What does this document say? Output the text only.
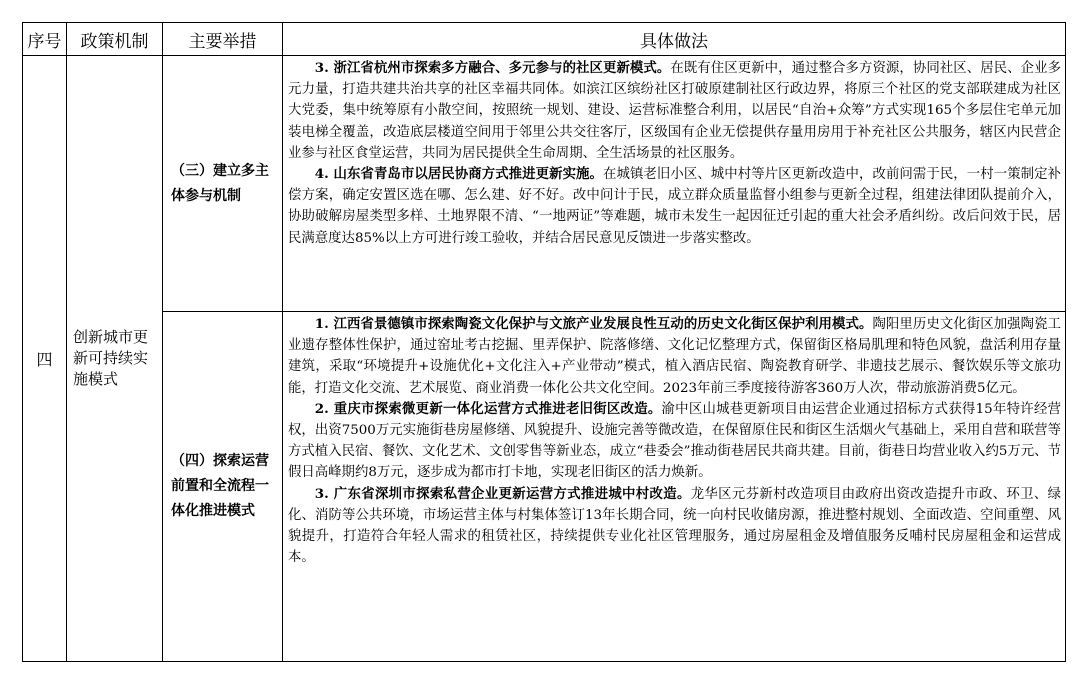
序号	政策机制	主要举措	具体做法
四	创新城市更新可持续实施模式	（三）建立多主体参与机制	3. 浙江省杭州市探索多方融合、多元参与的社区更新模式。在既有住区更新中，通过整合多方资源，协同社区、居民、企业多元力量，打造共建共治共享的社区幸福共同体。如滨江区缤纷社区打破原建制社区行政边界，将原三个社区的党支部联建成为社区大党委，集中统筹原有小散空间，按照统一规划、建设、运营标准整合利用，以居民“自治+众筹”方式实现165个多层住宅单元加装电梯全覆盖，改造底层楼道空间用于邻里公共交往客厅，区级国有企业无偿提供存量用房用于补充社区公共服务，辖区内民营企业参与社区食堂运营，共同为居民提供全生命周期、全生活场景的社区服务。

4. 山东省青岛市以居民协商方式推进更新实施。在城镇老旧小区、城中村等片区更新改造中，改前问需于民，一村一策制定补偿方案，确定安置区选在哪、怎么建、好不好。改中问计于民，成立群众质量监督小组参与更新全过程，组建法律团队提前介入，协助破解房屋类型多样、土地界限不清、“一地两证”等难题，城市未发生一起因征迁引起的重大社会矛盾纠纷。改后问效于民，居民满意度达85%以上方可进行竣工验收，并结合居民意见反馈进一步落实整改。

		（四）探索运营前置和全流程一体化推进模式	1. 江西省景德镇市探索陶瓷文化保护与文旅产业发展良性互动的历史文化街区保护利用模式。陶阳里历史文化街区加强陶瓷工业遗存整体性保护，通过窑址考古挖掘、里弄保护、院落修缮、文化记忆整理方式，保留街区格局肌理和特色风貌，盘活利用存量建筑，采取“环境提升+设施优化+文化注入+产业带动”模式，植入酒店民宿、陶瓷教育研学、非遗技艺展示、餐饮娱乐等文旅功能，打造文化交流、艺术展览、商业消费一体化公共文化空间。2023年前三季度接待游客360万人次，带动旅游消费5亿元。

2. 重庆市探索微更新一体化运营方式推进老旧街区改造。渝中区山城巷更新项目由运营企业通过招标方式获得15年特许经营权，出资7500万元实施街巷房屋修缮、风貌提升、设施完善等微改造，在保留原住民和街区生活烟火气基础上，采用自营和联营等方式植入民宿、餐饮、文化艺术、文创零售等新业态，成立“巷委会”推动街巷居民共商共建。目前，街巷日均营业收入约5万元、节假日高峰期约8万元，逐步成为都市打卡地，实现老旧街区的活力焕新。

3. 广东省深圳市探索私营企业更新运营方式推进城中村改造。龙华区元芬新村改造项目由政府出资改造提升市政、环卫、绿化、消防等公共环境，市场运营主体与村集体签订13年长期合同，统一向村民收储房源，推进整村规划、全面改造、空间重塑、风貌提升，打造符合年轻人需求的租赁社区，持续提供专业化社区管理服务，通过房屋租金及增值服务反哺村民房屋租金和运营成本。
